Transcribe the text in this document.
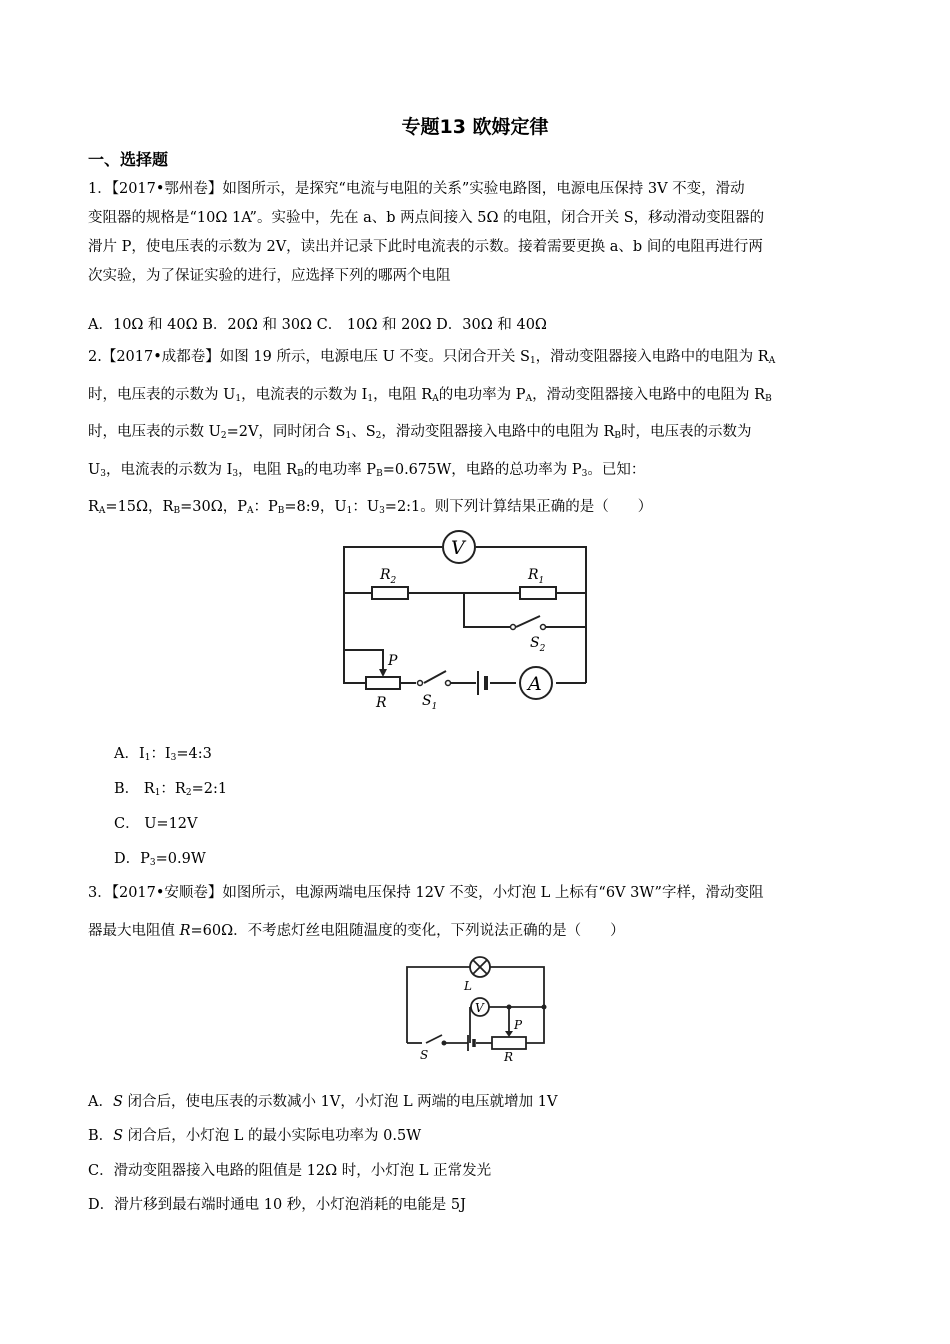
专题13 欧姆定律
一、选择题
1．【2017•鄂州卷】如图所示，是探究“电流与电阻的关系”实验电路图，电源电压保持 3V 不变，滑动
变阻器的规格是“10Ω 1A”。实验中，先在 a、b 两点间接入 5Ω 的电阻，闭合开关 S，移动滑动变阻器的
滑片 P，使电压表的示数为 2V，读出并记录下此时电流表的示数。接着需要更换 a、b 间的电阻再进行两
次实验，为了保证实验的进行，应选择下列的哪两个电阻
A．10Ω 和 40Ω B．20Ω 和 30Ω C． 10Ω 和 20Ω D．30Ω 和 40Ω
2.【2017•成都卷】如图 19 所示，电源电压 U 不变。只闭合开关 $S_1$，滑动变阻器接入电路中的电阻为 $R_A$
时，电压表的示数为 $U_1$，电流表的示数为 $I_1$，电阻 $R_A$的电功率为 $P_A$，滑动变阻器接入电路中的电阻为 $R_B$
时，电压表的示数 $U_2=2V$，同时闭合 $S_1$、$S_2$，滑动变阻器接入电路中的电阻为 $R_B$时，电压表的示数为
$U_3$，电流表的示数为 $I_3$，电阻 $R_B$的电功率 $P_B=0.675W$，电路的总功率为 $P_3$。已知：
$R_A=15\Omega$，$R_B=30\Omega$，$P_A$：$P_B=8:9$，$U_1$：$U_3=2:1$。则下列计算结果正确的是（　　）
V
$R_2$	$R_1$
$S_2$
P
R	$S_1$
A
A．$I_1$：$I_3=4:3$
B． $R_1$：$R_2=2:1$
C． U=12V
D．$P_3=0.9W$
3．【2017•安顺卷】如图所示，电源两端电压保持 12V 不变，小灯泡 L 上标有“6V 3W”字样，滑动变阻
器最大电阻值 R=60Ω．不考虑灯丝电阻随温度的变化，下列说法正确的是（　　）
L
V
S
P
R
A．S 闭合后，使电压表的示数减小 1V，小灯泡 L 两端的电压就增加 1V
B．S 闭合后，小灯泡 L 的最小实际电功率为 0.5W
C．滑动变阻器接入电路的阻值是 12Ω 时，小灯泡 L 正常发光
D．滑片移到最右端时通电 10 秒，小灯泡消耗的电能是 5J
